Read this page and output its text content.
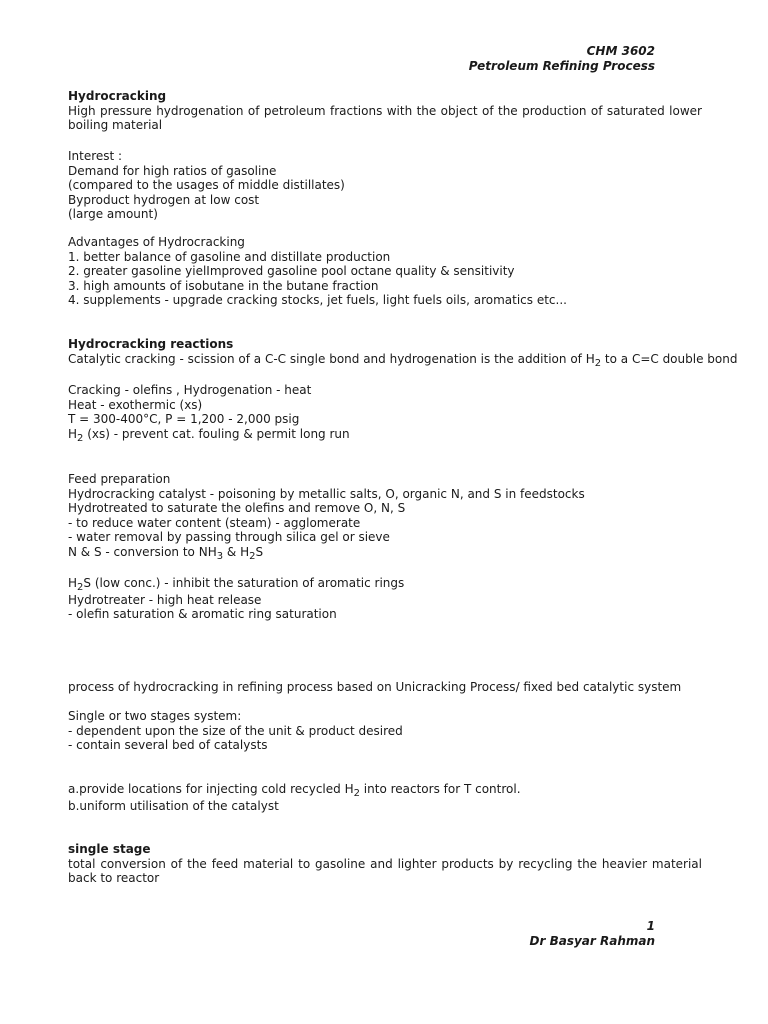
CHM 3602
Petroleum Refining Process
Hydrocracking
High pressure hydrogenation of petroleum fractions with the object of the production of saturated lower boiling material
Interest :
Demand for high ratios of gasoline
(compared to the usages of middle distillates)
Byproduct hydrogen at low cost
(large amount)
Advantages of Hydrocracking
1. better balance of gasoline and distillate production
2. greater gasoline yielImproved gasoline pool octane quality & sensitivity
3. high amounts of isobutane in the butane fraction
4. supplements - upgrade cracking stocks, jet fuels, light fuels oils, aromatics etc...
Hydrocracking reactions
Catalytic cracking - scission of a C-C single bond and hydrogenation is the addition of $H_2$ to a C=C double bond
Cracking - olefins , Hydrogenation - heat
Heat - exothermic (xs)
T = 300-400°C, P = 1,200 - 2,000 psig
$H_2$ (xs) - prevent cat. fouling & permit long run
Feed preparation
Hydrocracking catalyst - poisoning by metallic salts, O, organic N, and S in feedstocks
Hydrotreated to saturate the olefins and remove O, N, S
- to reduce water content (steam) - agglomerate
- water removal by passing through silica gel or sieve
N & S - conversion to $NH_3$ & $H_2S$
$H_2S$ (low conc.) - inhibit the saturation of aromatic rings
Hydrotreater - high heat release
- olefin saturation & aromatic ring saturation
process of hydrocracking in refining process based on Unicracking Process/ fixed bed catalytic system
Single or two stages system:
- dependent upon the size of the unit & product desired
- contain several bed of catalysts
a.provide locations for injecting cold recycled $H_2$ into reactors for T control.
b.uniform utilisation of the catalyst
single stage
total conversion of the feed material to gasoline and lighter products by recycling the heavier material back to reactor
1
Dr Basyar Rahman
